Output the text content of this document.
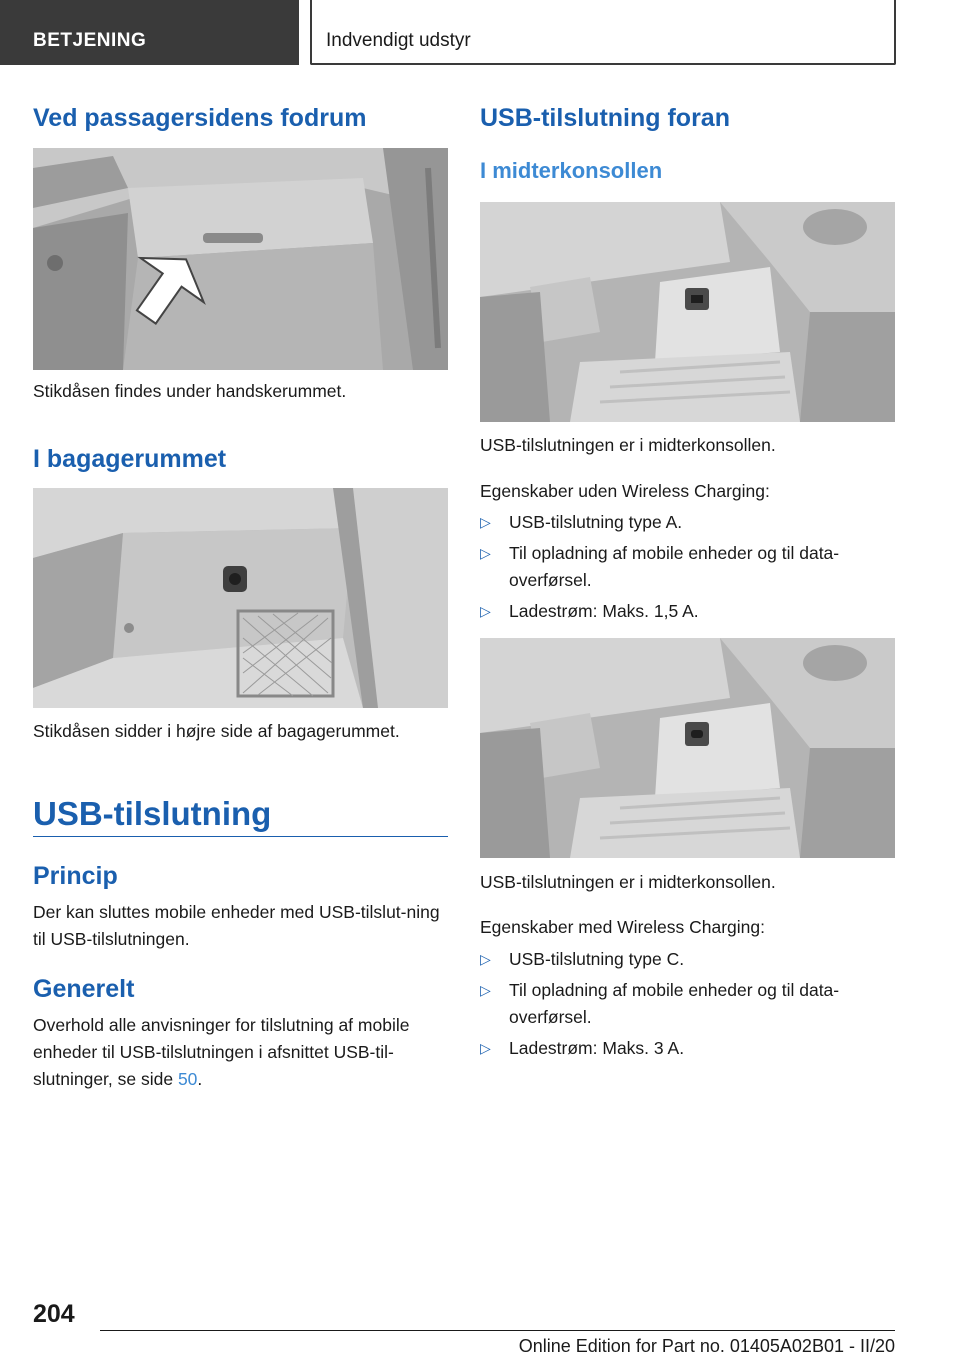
BETJENING	Indvendigt udstyr
Ved passagersidens fodrum
Stikdåsen findes under handskerummet.
I bagagerummet
Stikdåsen sidder i højre side af bagagerummet.
USB-tilslutning
Princip
Der kan sluttes mobile enheder med USB-tilslut-ning til USB-tilslutningen.
Generelt
Overhold alle anvisninger for tilslutning af mobile enheder til USB-tilslutningen i afsnittet USB-til-slutninger, se side 50.
USB-tilslutning foran
I midterkonsollen
USB-tilslutningen er i midterkonsollen.
Egenskaber uden Wireless Charging:
▷ USB-tilslutning type A.
▷ Til opladning af mobile enheder og til data-overførsel.
▷ Ladestrøm: Maks. 1,5 A.
USB-tilslutningen er i midterkonsollen.
Egenskaber med Wireless Charging:
▷ USB-tilslutning type C.
▷ Til opladning af mobile enheder og til data-overførsel.
▷ Ladestrøm: Maks. 3 A.
204
Online Edition for Part no. 01405A02B01 - II/20
